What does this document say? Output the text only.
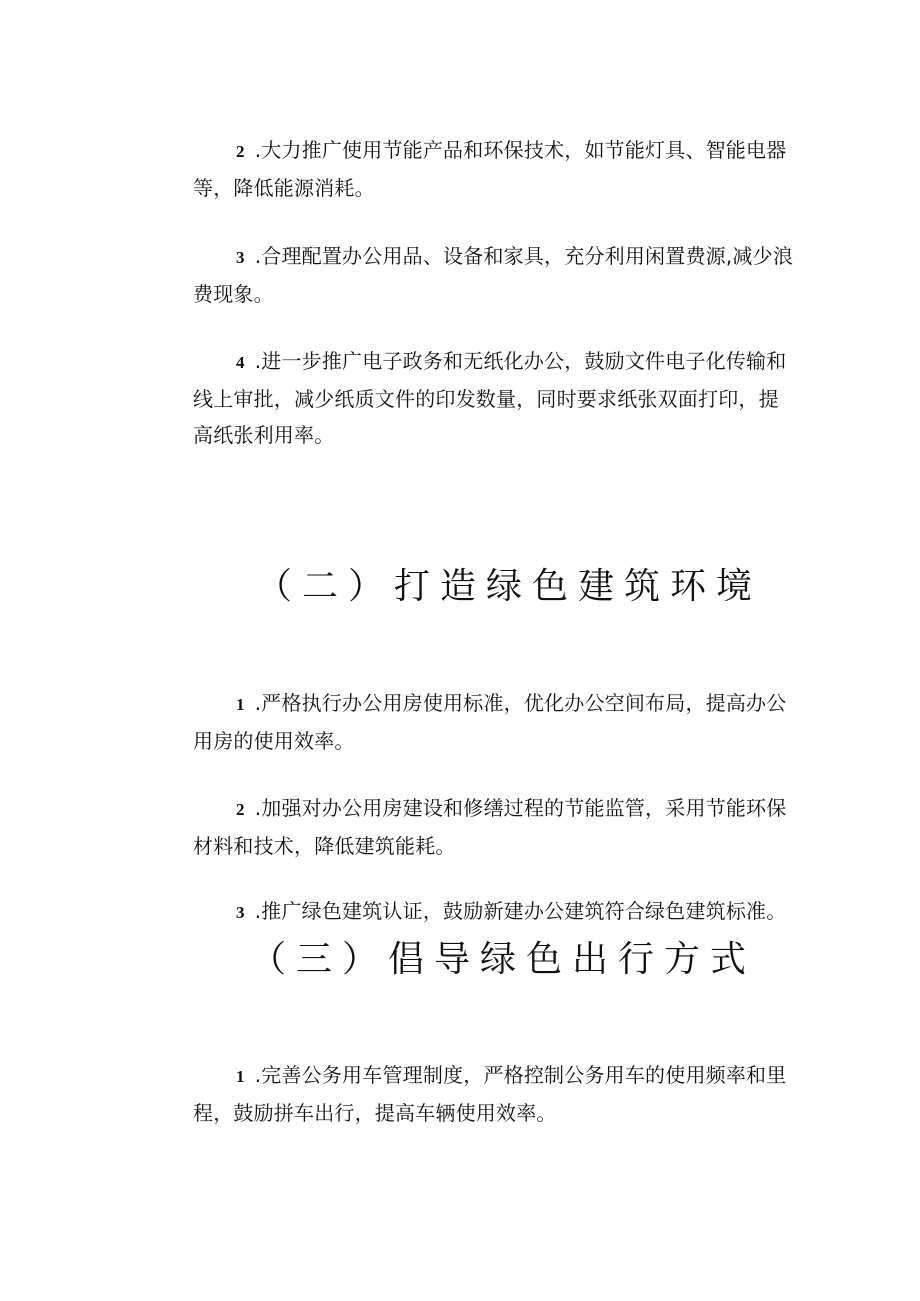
2 .大力推广使用节能产品和环保技术，如节能灯具、智能电器
等，降低能源消耗。
3 .合理配置办公用品、设备和家具，充分利用闲置费源,减少浪
费现象。
4 .进一步推广电子政务和无纸化办公，鼓励文件电子化传输和
线上审批，减少纸质文件的印发数量，同时要求纸张双面打印，提
高纸张利用率。
（二）打造绿色建筑环境
1 .严格执行办公用房使用标准，优化办公空间布局，提高办公
用房的使用效率。
2 .加强对办公用房建设和修缮过程的节能监管，采用节能环保
材料和技术，降低建筑能耗。
3 .推广绿色建筑认证，鼓励新建办公建筑符合绿色建筑标准。
（三）倡导绿色出行方式
1 .完善公务用车管理制度，严格控制公务用车的使用频率和里
程，鼓励拼车出行，提高车辆使用效率。
